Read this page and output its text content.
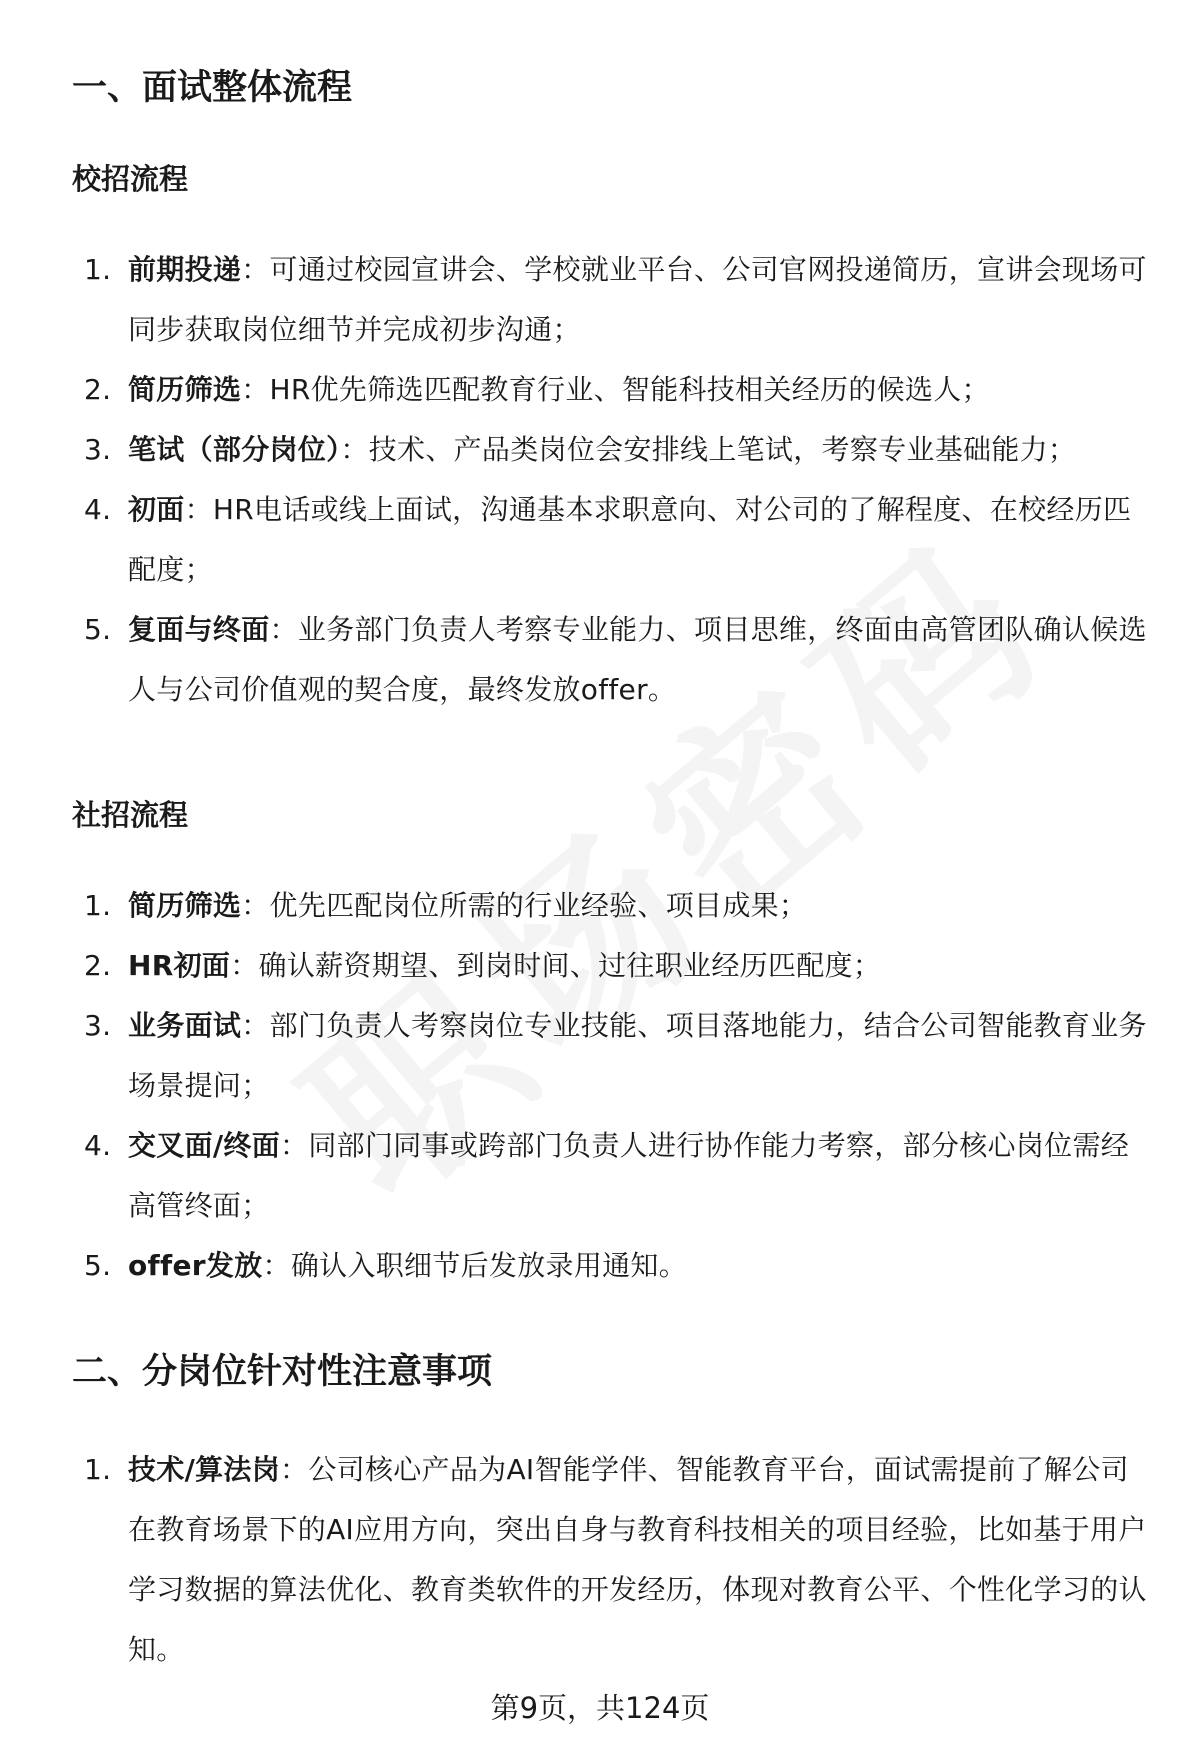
一、面试整体流程
校招流程
1. 前期投递：可通过校园宣讲会、学校就业平台、公司官网投递简历，宣讲会现场可同步获取岗位细节并完成初步沟通；
2. 简历筛选：HR优先筛选匹配教育行业、智能科技相关经历的候选人；
3. 笔试（部分岗位）：技术、产品类岗位会安排线上笔试，考察专业基础能力；
4. 初面：HR电话或线上面试，沟通基本求职意向、对公司的了解程度、在校经历匹配度；
5. 复面与终面：业务部门负责人考察专业能力、项目思维，终面由高管团队确认候选人与公司价值观的契合度，最终发放offer。
社招流程
1. 简历筛选：优先匹配岗位所需的行业经验、项目成果；
2. HR初面：确认薪资期望、到岗时间、过往职业经历匹配度；
3. 业务面试：部门负责人考察岗位专业技能、项目落地能力，结合公司智能教育业务场景提问；
4. 交叉面/终面：同部门同事或跨部门负责人进行协作能力考察，部分核心岗位需经高管终面；
5. offer发放：确认入职细节后发放录用通知。
二、分岗位针对性注意事项
1. 技术/算法岗：公司核心产品为AI智能学伴、智能教育平台，面试需提前了解公司在教育场景下的AI应用方向，突出自身与教育科技相关的项目经验，比如基于用户学习数据的算法优化、教育类软件的开发经历，体现对教育公平、个性化学习的认知。
第9页，共124页
